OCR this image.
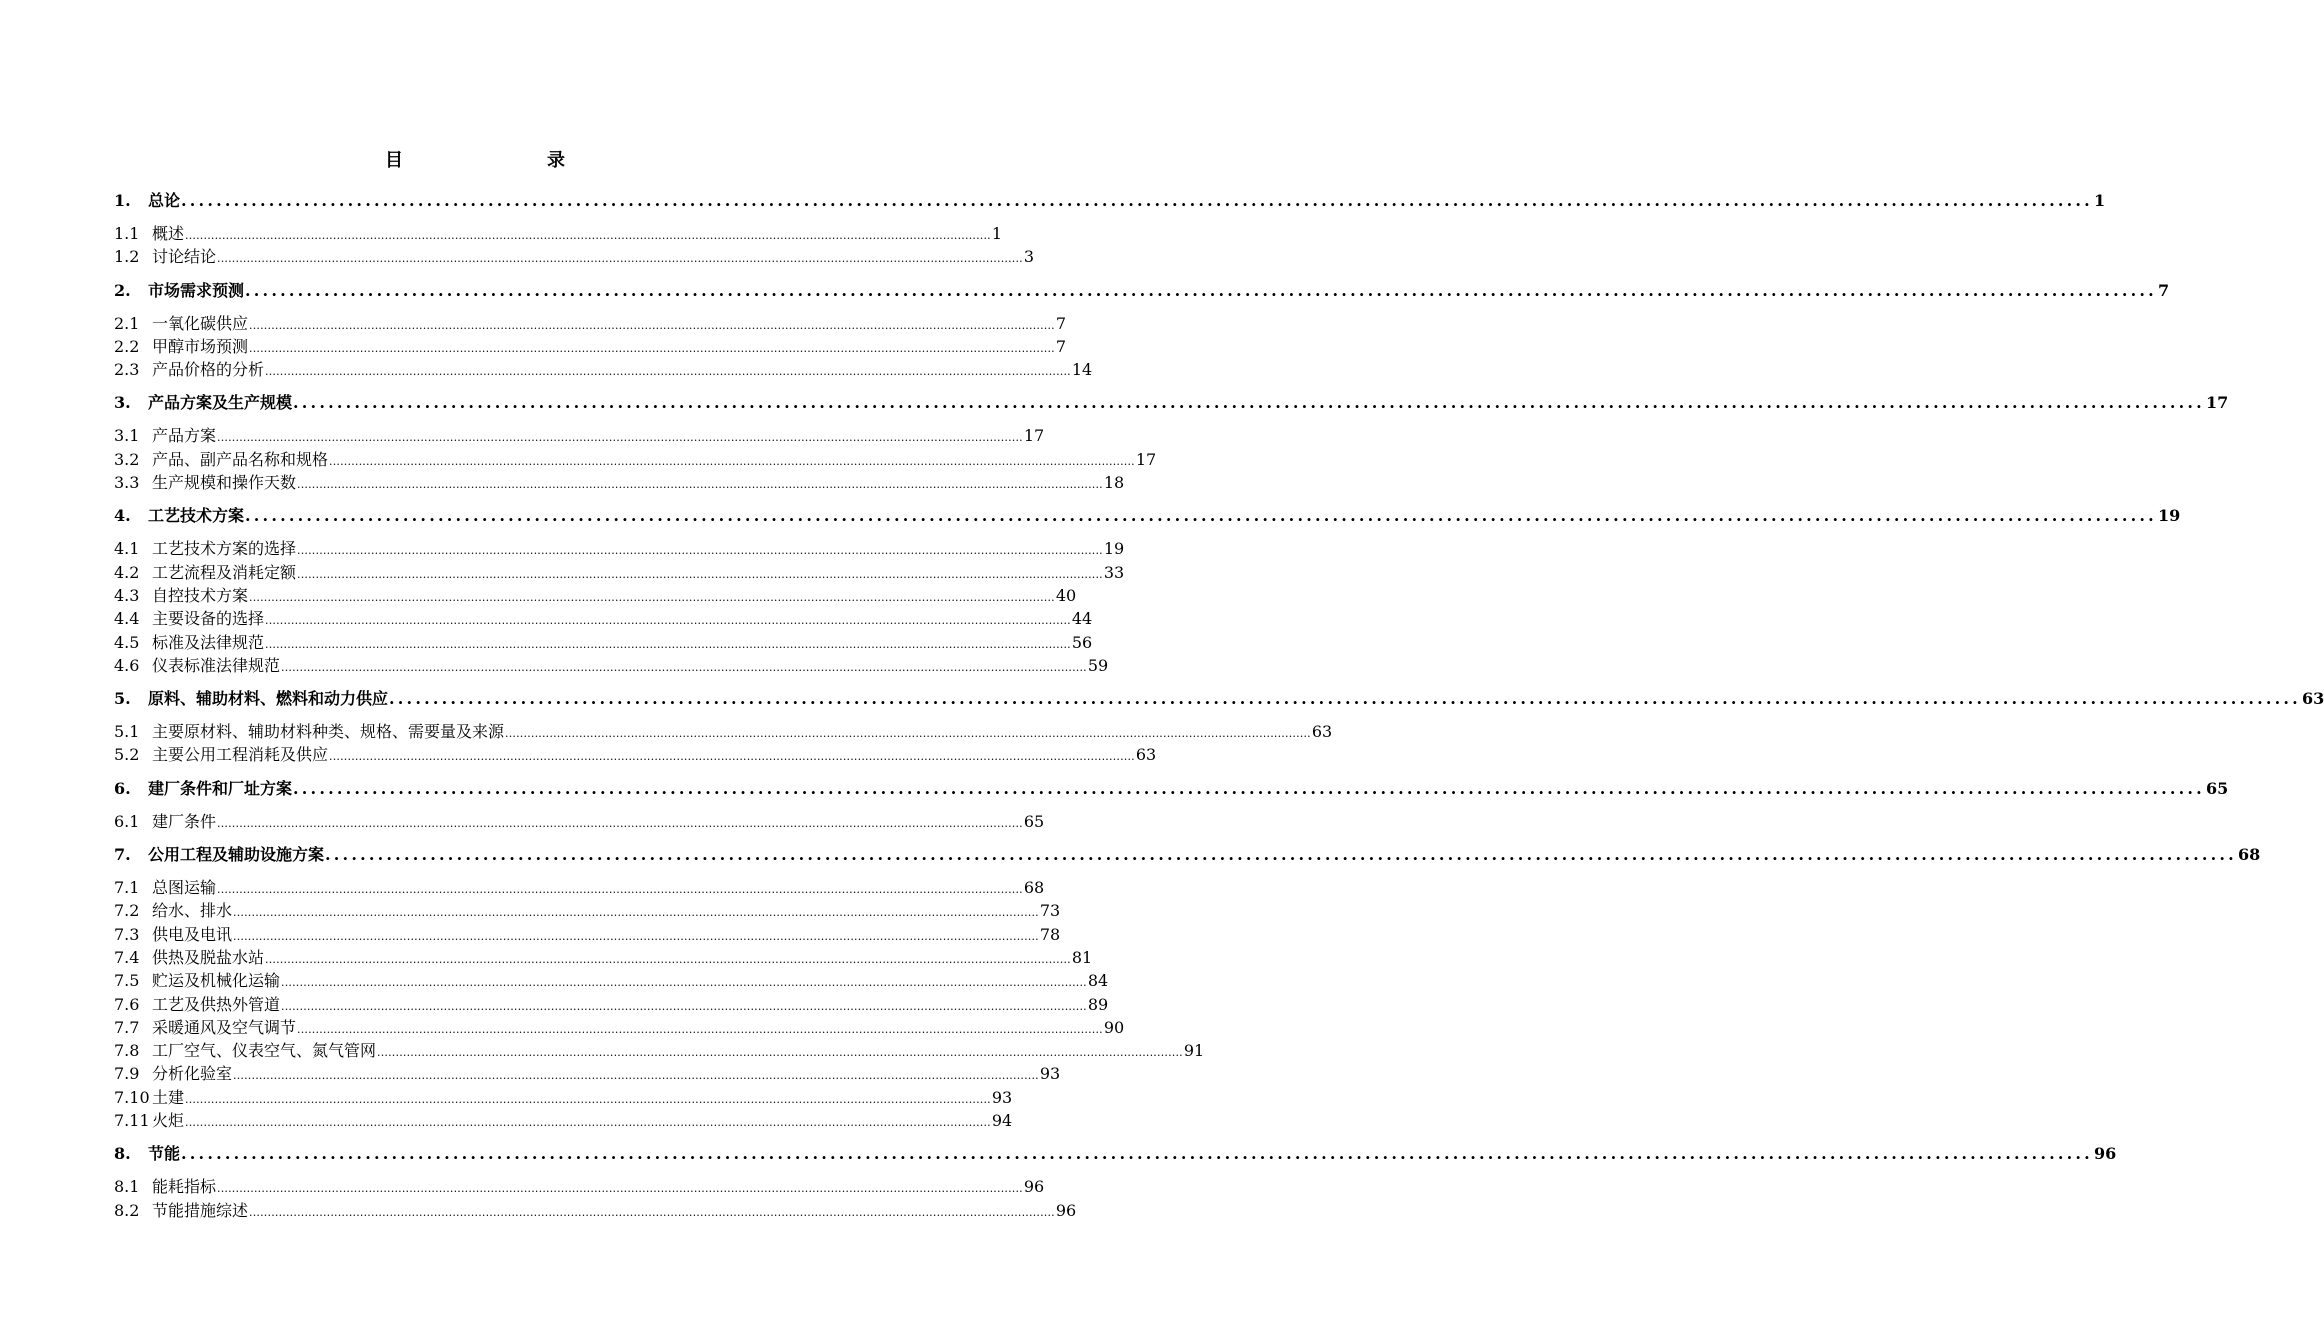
目　　录
1.	总论 .......................................................................................................................................................................................................................... 1
1.1 概述 .......................................................................................................................................................................................................................... 1
1.2 讨论结论 .......................................................................................................................................................................................................................... 3
2.	市场需求预测 .......................................................................................................................................................................................................................... 7
2.1 一氧化碳供应 .......................................................................................................................................................................................................................... 7
2.2 甲醇市场预测 .......................................................................................................................................................................................................................... 7
2.3 产品价格的分析 .......................................................................................................................................................................................................................... 14
3.	产品方案及生产规模 .......................................................................................................................................................................................................................... 17
3.1 产品方案 .......................................................................................................................................................................................................................... 17
3.2 产品、副产品名称和规格 .......................................................................................................................................................................................................................... 17
3.3 生产规模和操作天数 .......................................................................................................................................................................................................................... 18
4.	工艺技术方案 .......................................................................................................................................................................................................................... 19
4.1 工艺技术方案的选择 .......................................................................................................................................................................................................................... 19
4.2 工艺流程及消耗定额 .......................................................................................................................................................................................................................... 33
4.3 自控技术方案 .......................................................................................................................................................................................................................... 40
4.4 主要设备的选择 .......................................................................................................................................................................................................................... 44
4.5 标准及法律规范 .......................................................................................................................................................................................................................... 56
4.6 仪表标准法律规范 .......................................................................................................................................................................................................................... 59
5.	原料、辅助材料、燃料和动力供应 .......................................................................................................................................................................................................................... 63
5.1 主要原材料、辅助材料种类、规格、需要量及来源 .......................................................................................................................................................................................................................... 63
5.2 主要公用工程消耗及供应 .......................................................................................................................................................................................................................... 63
6.	建厂条件和厂址方案 .......................................................................................................................................................................................................................... 65
6.1 建厂条件 .......................................................................................................................................................................................................................... 65
7.	公用工程及辅助设施方案 .......................................................................................................................................................................................................................... 68
7.1 总图运输 .......................................................................................................................................................................................................................... 68
7.2 给水、排水 .......................................................................................................................................................................................................................... 73
7.3 供电及电讯 .......................................................................................................................................................................................................................... 78
7.4 供热及脱盐水站 .......................................................................................................................................................................................................................... 81
7.5 贮运及机械化运输 .......................................................................................................................................................................................................................... 84
7.6 工艺及供热外管道 .......................................................................................................................................................................................................................... 89
7.7 采暖通风及空气调节 .......................................................................................................................................................................................................................... 90
7.8 工厂空气、仪表空气、氮气管网 .......................................................................................................................................................................................................................... 91
7.9 分析化验室 .......................................................................................................................................................................................................................... 93
7.10 土建 .......................................................................................................................................................................................................................... 93
7.11 火炬 .......................................................................................................................................................................................................................... 94
8.	节能 .......................................................................................................................................................................................................................... 96
8.1 能耗指标 .......................................................................................................................................................................................................................... 96
8.2 节能措施综述 .......................................................................................................................................................................................................................... 96
